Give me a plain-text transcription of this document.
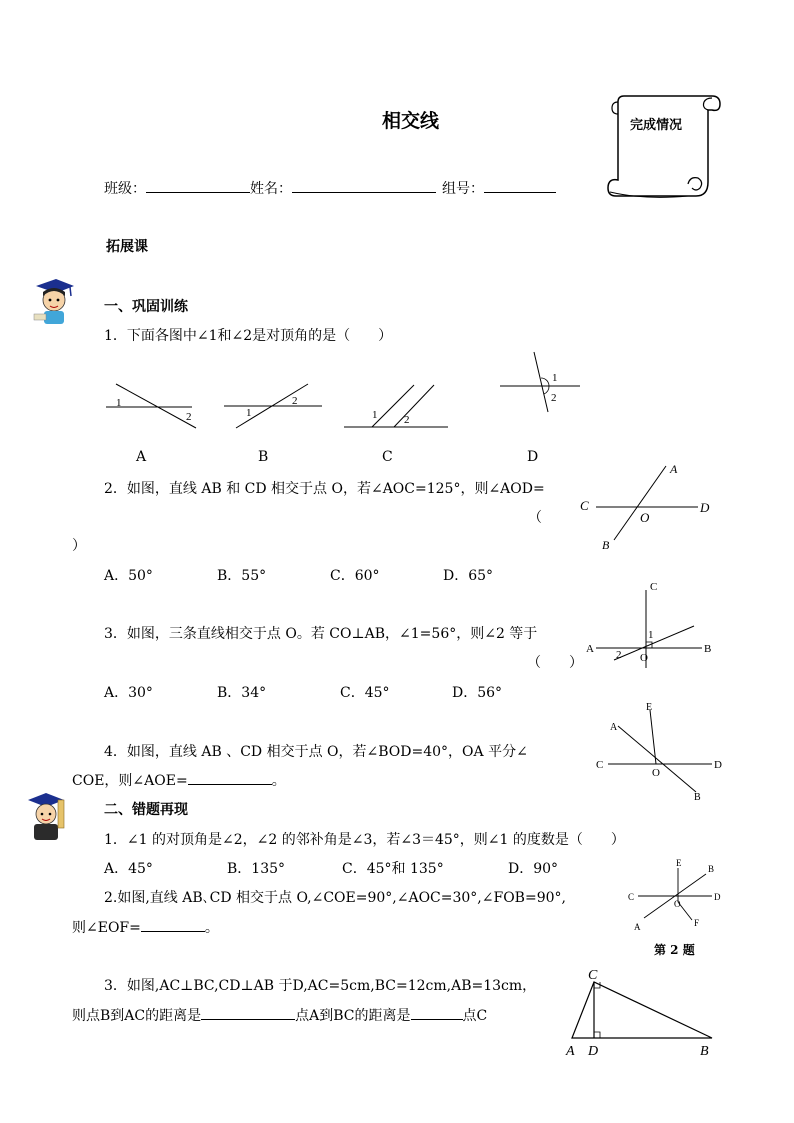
相交线	完成情况
班级：	姓名：	组号：
拓展课
一、巩固训练
1．下面各图中∠1和∠2是对顶角的是（　　）
1
2	1
2
1 2
1
2
A	B	C	D
2．如图，直线 AB 和 CD 相交于点 O，若∠AOC=125°，则∠AOD=
（
）
A
C	D
O
B
A．50°	B．55°	C．60°	D．65°
3．如图，三条直线相交于点 O。若 CO⊥AB，∠1=56°，则∠2 等于
（　　）
C
A	B
O
1
2
A．30°	B．34°	C．45°	D．56°
4．如图，直线 AB 、CD 相交于点 O，若∠BOD=40°，OA 平分∠
COE，则∠AOE=	。
E
A
C	D
O
B
二、错题再现
1．∠1 的对顶角是∠2，∠2 的邻补角是∠3，若∠3＝45°，则∠1 的度数是（　　）
A．45°	B．135°	C．45°和 135°	D．90°
2.如图,直线 AB､CD 相交于点 O,∠COE=90°,∠AOC=30°,∠FOB=90°,
则∠EOF=	。
E
B
C	D
O
F
A
第 2 题
3．如图,AC⊥BC,CD⊥AB 于D,AC=5cm,BC=12cm,AB=13cm，
则点B到AC的距离是	点A到BC的距离是	点C
C
A D	B
